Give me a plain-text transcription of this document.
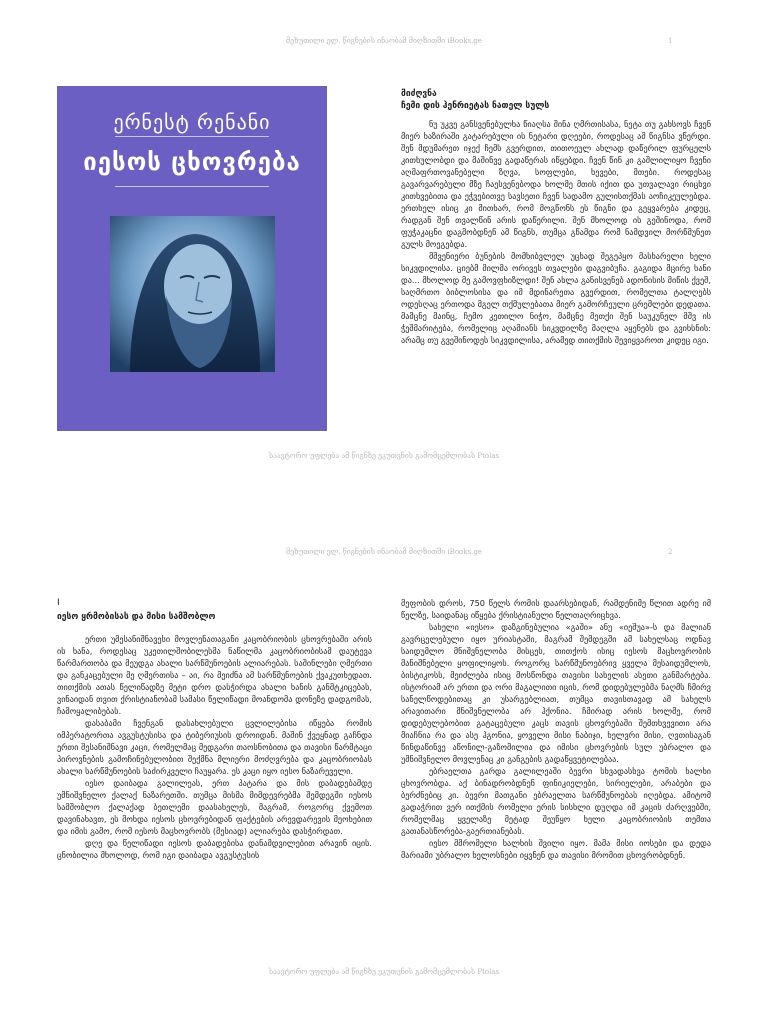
მეხუთილი ელ. წიგნების ინაობამ მიღზითში iBooks.ge	1
ერნესტ რენანი
იესოს ცხოვრება
მიძღვნა
ჩემი დის ჰენრიეტას ნათელ სულს

ნუ უკვე განსვენებულხა წიაღსა შინა ღმრთისასა, ნეტა თუ გახსოვს ჩვენ მიერ ხაზირაში გატარებული ის ნეტარი დღეები, როდესაც ამ წიგნსა ვწერდი. შენ მდუმარეთ იჯექ ჩემს გვერდით, თითოეულ ახლად დაწერილ ფურცელს კითხულობდი და მაშინვე გადაწერას იწყებდი. ჩვენ წინ კი გაშლილიყო ჩვენი აღმაფრთოვანებელი ზღვა, სოფლები, ხევები, მთები. როდესაც გავარვარებული მზე ჩაესვენებოდა ხოლმე მთის იქით და უთვალავი რიცხვი კითხვებითა და ეჭვებითვე სავსეთი ჩვენ სადამო გულისთქმას აოჩიკეულებდა. ერთხელ ისიც კი მითხარ, რომ მოგწონს ეს წიგნი და გეყვარება კიდეც, რადგან შენ თვალწინ არის დაწერილი. შენ მხოლოდ ის გეშინოდა, რომ ფუჭაკაცნი დაგმობდნენ ამ წიგნს, თუმცა გწამდა რომ ნამდვილ მორწმუნეთ გულს მოეგებდა.

მშვენიერი ბუნების მომხიბვლელ უცხად შეგეპყო მასხარელი ხელი სიკვდილისა. ციებმ მილმა ორივეს თვალები დაგვიბუჩა. გაგიდა მცირე ხანი და... მხოლოდ მე გამოვფხიზლდი! შენ ახლა განისვენებ ადონისის მიწის ქვეშ, საღმრთო ბიბლოსისა და იმ მდინარეთა გვერდით, რომელთა ტალღებს ოდესღაც ერთოდა მგელ თქმულებათა მიერ გამორჩეული ცრემლები დედათა. მამცნე მაინც, ჩემო კეთილო ნიჭო, მამცნე მეთქი შენ საუკუნელ მშვ ის ჭეშმარიტება, რომელიც აღამიანს სიკვდილზე მაღლა აყენებს და გვიხსნის: არამც თუ გვეშინოდეს სიკვდილისა, არამედ თითქმის შევიყვაროთ კიდეც იგი.

საავტორო უფლება ამ წიგნზე ეკუთვნის გამომცემლობას Ptolas
მეხუთილი ელ. წიგნების ინაობამ მიღზითში iBooks.ge	2
I
იესო ყრმობისას და მისი სამშობლო

ერთი უმესანიშნავესი მოვლენათაგანი კაცობრიობის ცხოვრებაში არის ის ხანა, როდესაც უკეთილშობილესმა ნაწილმა კაცობრიობისამ დაუტევა წარმართობა და მეუდგა ახალი სარწმუნოების ალიარებას. საშინლები ღმერთი და განკაცებული მე ღმერთისა – აი, რა მეიძნა ამ სარწმუნოების ქვაკუთხედათ. თითქმის ათას წელიწადზე მეტი დრო დასჭირდა ახალი ხანის განმტკიცებას, ვინაიდან თვით ქრისტიანობამ სამასი წელიწადი მოანდომა დონეზე დადგომას, ჩამოყალიბებას.

დასაბამი ჩვენგან დასახლებული ცვლილებისა იწყება რომის იმპერატორთა ავგუსტუსისა და ტიბერიუსის დროიდან. მაშინ ქვეყნად გაჩნდა ერთი შესანიშნავი კაცი, რომელმაც მედგარი თაოსნობითა და თავისი წარმტაცი პიროვნების გამოჩინებულობით შექმნა მლიერი მოძღვრება და კაცობრიობას ახალი სარწმუნოების საძირკველი ჩაუყარა. ეს კაცი იყო იესო ნაზარეველი.

იესო დაიბადა გალილეას, ერთ პატარა და მის დაბადებამდე უმნიშვნელო ქალაქ ნაზარეთში. თუმცა მისმა მიმდევრებმა შემდეგში იესოს სამშობლო ქალაქად ბეთლემი დაასახელეს, მაგრამ, როგორც ქვემოთ დავინახავთ, ეს მოხდა იესოს ცხოვრებიდან ფაქტების არევდარევის მეოხებით და იმის გამო, რომ იესოს მაცხოვრობს (მესიად) ალიარება დასჭირდათ.

დღე და წელიწადი იესოს დაბადებისა დანამდვილებით არავინ იცის. ცნობილია მხოლოდ, რომ იგი დაიბადა ავგუსტუსის

მეფობის დროს, 750 წელს რომის დაარსებიდან, რამდენიმე წლით ადრე იმ წელზე, საიდანაც იწყება ქრისტიანული წელთაღრიცხვა.

სახელი «იესო» დაზგინებულია «გაში» ანუ «იეშუა»-ს და მალიან გავრცელებული იყო ურიასტაში, მაგრამ შემდეგში ამ სახელსაც ოდნავ საიდუმლო მნიშვნელობა მისცეს, თითქოს ისიც იესოს მაცხოვრობის მანიშნებელი ყოფილიყოს. როგორც სარწმუნოებრივ ყველა მესაიდუმლოს, ბისტიკოსს, მეიძლება ისიც მოსწონდა თავისი სახელის ასეთი განმარტება. ისტორიამ არ ერთი და ორი მაგალითი იცის, რომ დიდებულებმა ნაღმს ჩმირვ სანელწოდებითაც კი უსარგებლიათ, თუმცა თავისთავად ამ სახელს არავითარი მნიშვნელობა არ ჰქონია. ჩმირად არის ხოლმე, რომ დიდებულებობით გატაცებული კაცს თავის ცხოვრებაში შემთხვევითი არა მიაჩნია რა და ასე ჰგონია, ყოველი მისი ნაბიჯი, ხელვრი მისი, ღვთისაგან წინდაწინვე აწონილ-გაზომილია და იმისი ცხოვრების სულ უბრალო და უმნიშვნელო მოვლენაც კი განგების გადაწყვეტილებაა.

ებრაელთა გარდა გალილეაში ბევრი სხვადასხვა ტომის ხალხი ცხოვრობდა. აქ ბინადრობდნენ ფინიკიელები, სირიელები, არაბები და ბერძნებიც კი. ბევრი მათგანი ებრაელთა სარწმუნოებას იღებდა. ამიტომ გადაჭრით ვერ ითქმის რომელი ერის სისხლი დუღდა იმ კაცის ძარღვებში, რომელმაც ყველაზე მეტად შეუწყო ხელი კაცობრიობის თემთა გათანასწორება-გაერთიანებას.

იესო მმრომელი ხალხის შვილი იყო. მამა მისი იოსები და დედა მარიამი უბრალო ხელოსნები იყვნენ და თავისი მრომით ცხოვრობდნენ.

საავტორო უფლება ამ წიგნზე ეკუთვნის გამომცემლობას Ptolas
